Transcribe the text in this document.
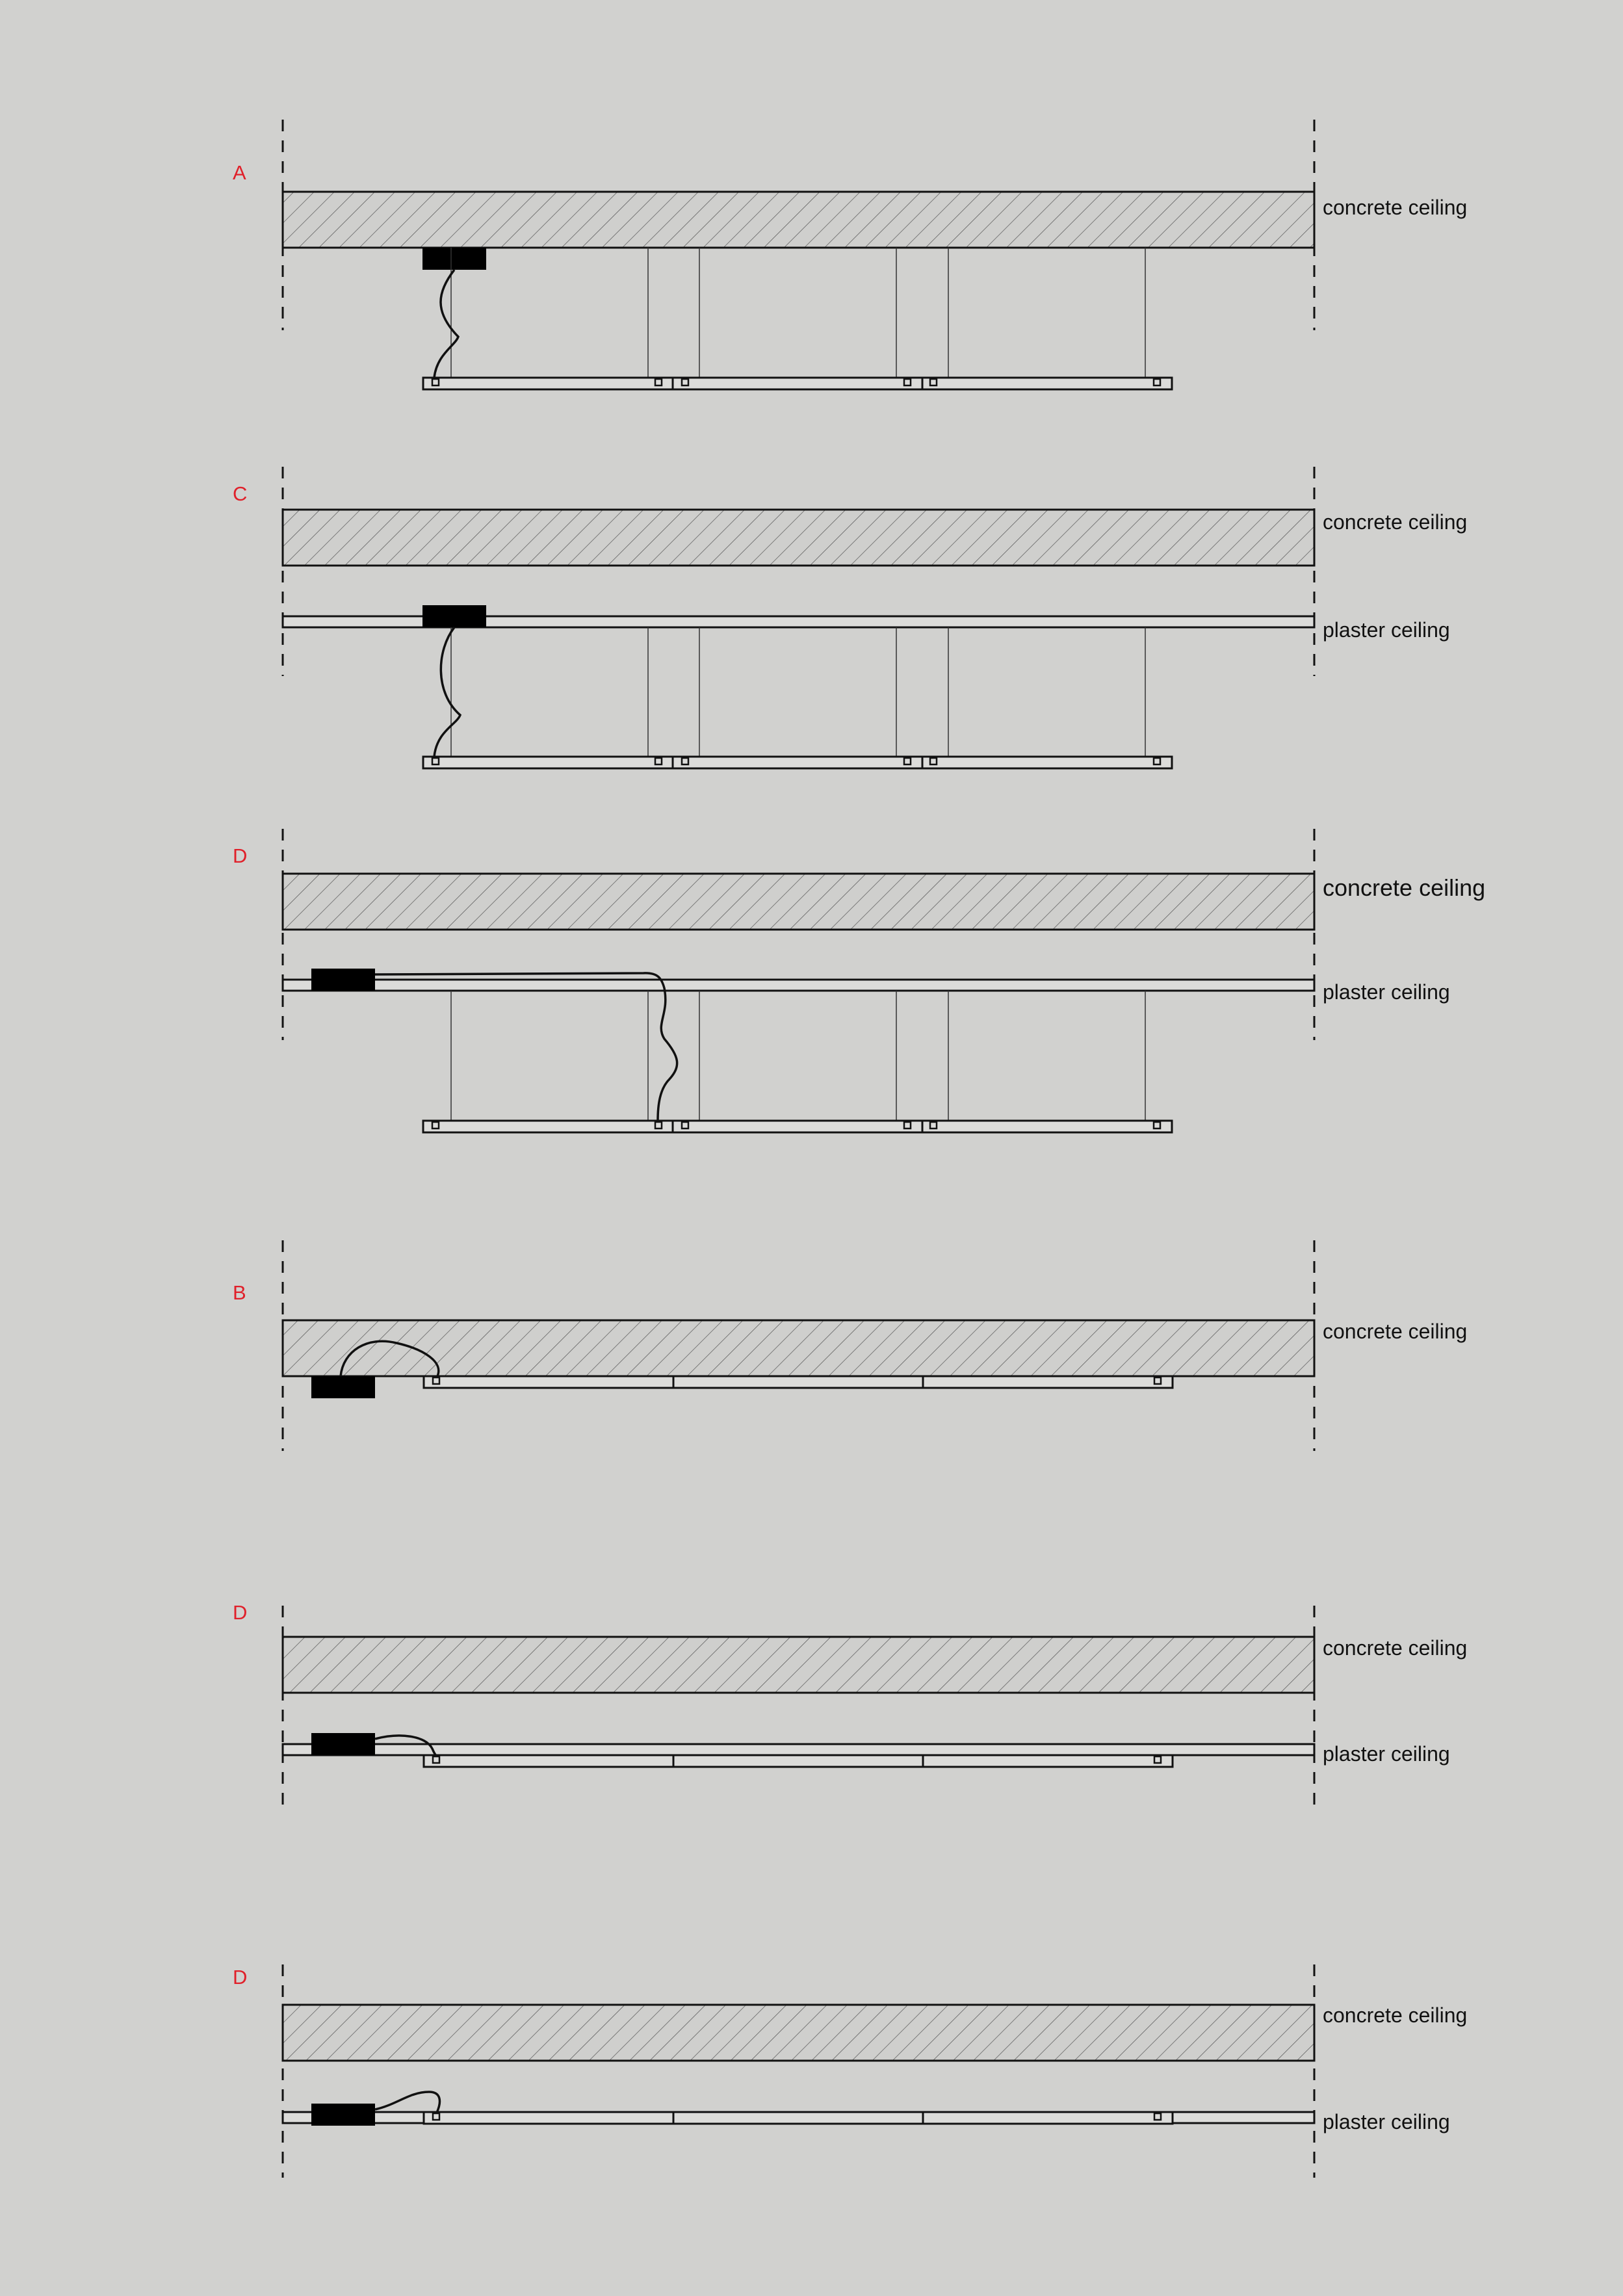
A
concrete ceiling
C
concrete ceiling
plaster ceiling
D
concrete ceiling
plaster ceiling
B
concrete ceiling
D
concrete ceiling
plaster ceiling
D
concrete ceiling
plaster ceiling
